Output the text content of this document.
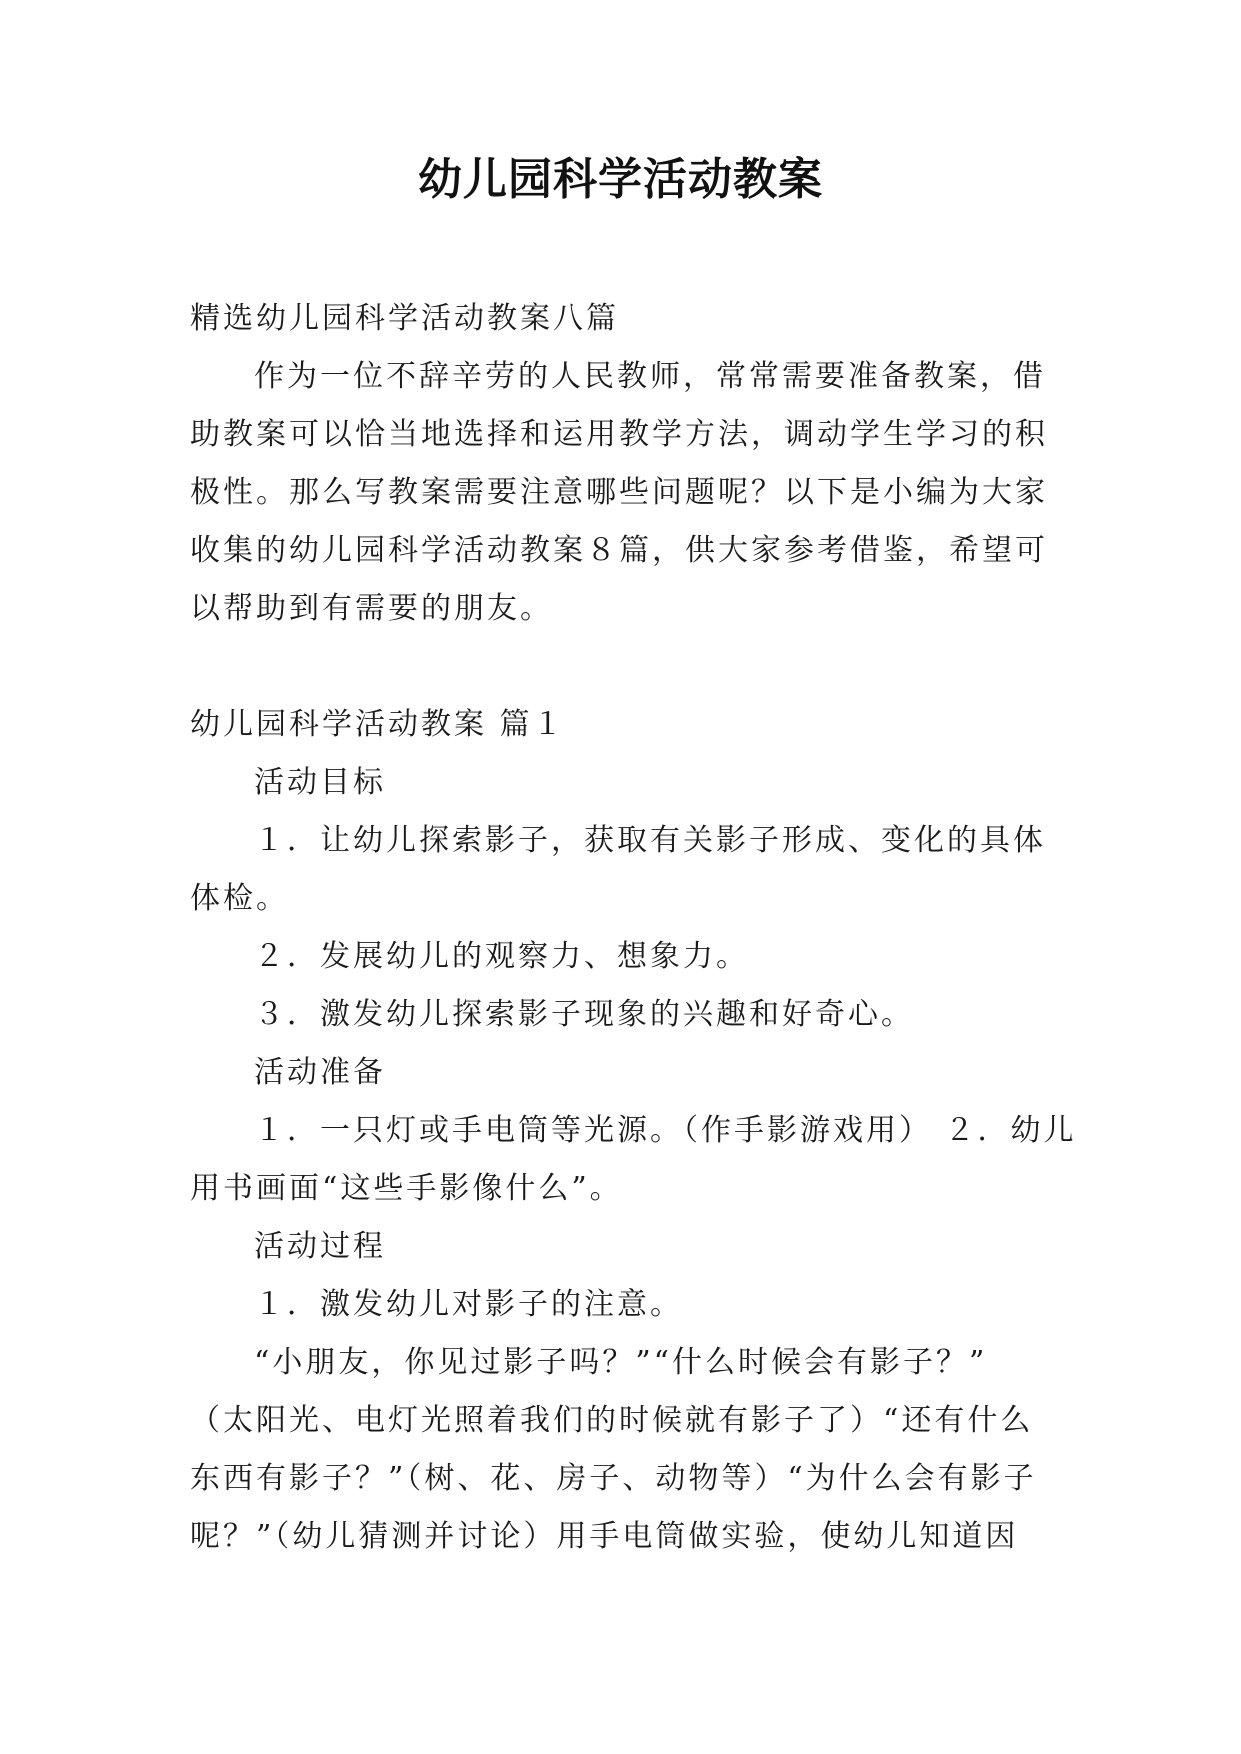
幼儿园科学活动教案
精选幼儿园科学活动教案八篇
作为一位不辞辛劳的人民教师，常常需要准备教案，借
助教案可以恰当地选择和运用教学方法，调动学生学习的积
极性。那么写教案需要注意哪些问题呢？以下是小编为大家
收集的幼儿园科学活动教案８篇，供大家参考借鉴，希望可
以帮助到有需要的朋友。
幼儿园科学活动教案 篇１
活动目标
１．让幼儿探索影子，获取有关影子形成、变化的具体
体检。
２．发展幼儿的观察力、想象力。
３．激发幼儿探索影子现象的兴趣和好奇心。
活动准备
１．一只灯或手电筒等光源。（作手影游戏用） ２．幼儿
用书画面“这些手影像什么”。
活动过程
１．激发幼儿对影子的注意。
“小朋友，你见过影子吗？”“什么时候会有影子？”
（太阳光、电灯光照着我们的时候就有影子了）“还有什么
东西有影子？”（树、花、房子、动物等）“为什么会有影子
呢？”（幼儿猜测并讨论）用手电筒做实验，使幼儿知道因
